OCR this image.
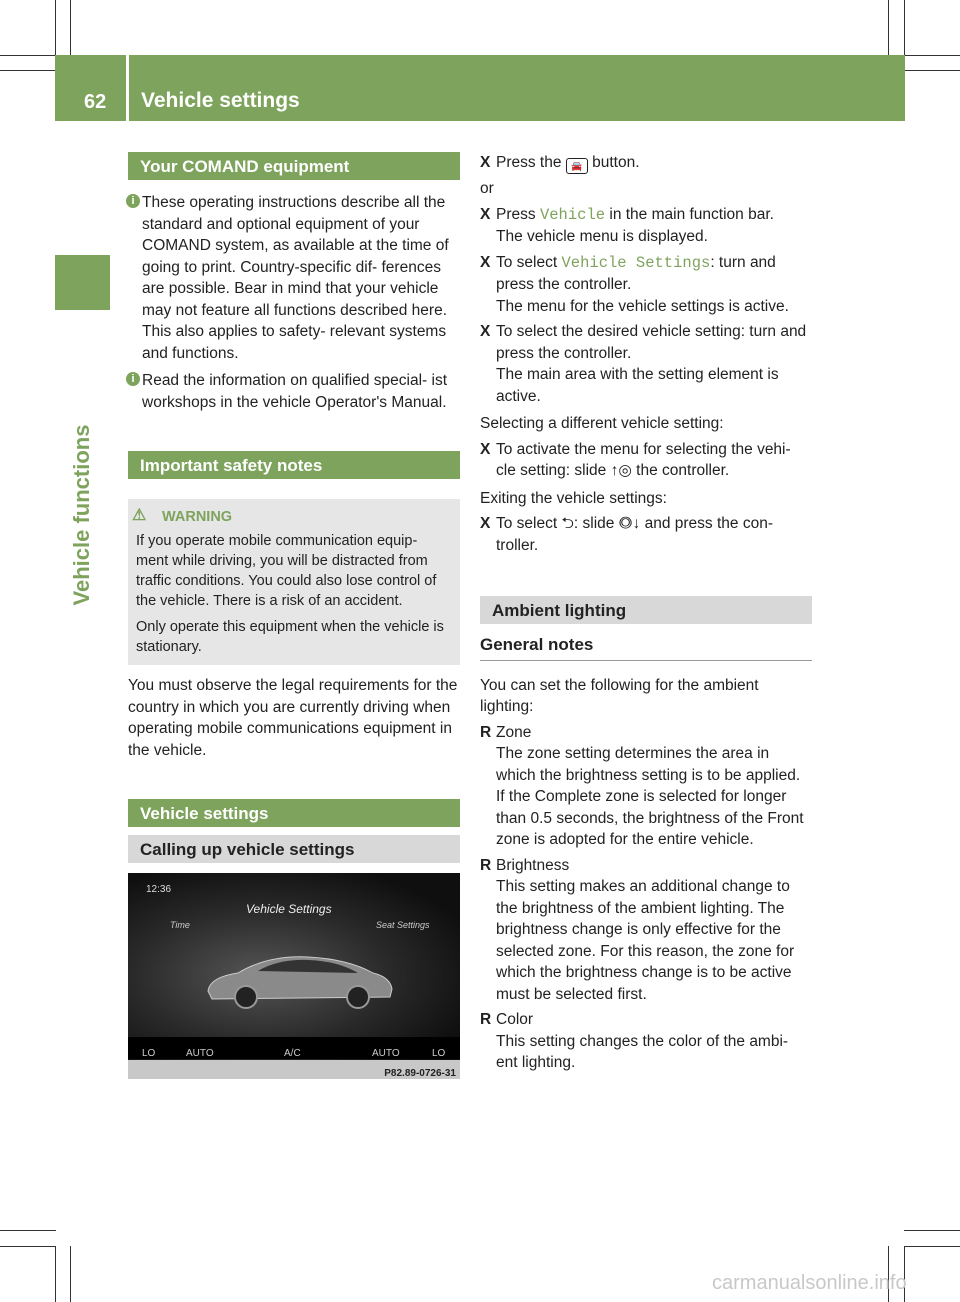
62 Vehicle settings
Vehicle functions
Your COMAND equipment

i These operating instructions describe all the standard and optional equipment of your COMAND system, as available at the time of going to print. Country-specific dif- ferences are possible. Bear in mind that your vehicle may not feature all functions described here. This also applies to safety- relevant systems and functions.

i Read the information on qualified special- ist workshops in the vehicle Operator's Manual.

Important safety notes
⚠ WARNING

If you operate mobile communication equip- ment while driving, you will be distracted from traffic conditions. You could also lose control of the vehicle. There is a risk of an accident.

Only operate this equipment when the vehicle is stationary.

You must observe the legal requirements for the country in which you are currently driving when operating mobile communications equipment in the vehicle.

Vehicle settings
Calling up vehicle settings
12:36
Vehicle Settings
Time	Seat Settings
LO	AUTO	A/C	AUTO	LO
P82.89-0726-31

X Press the 🚘 button.

or

X Press Vehicle in the main function bar.
The vehicle menu is displayed.

X To select Vehicle Settings: turn and press the controller.
The menu for the vehicle settings is active.

X To select the desired vehicle setting: turn and press the controller.
The main area with the setting element is active.

Selecting a different vehicle setting:

X To activate the menu for selecting the vehi- cle setting: slide ↑◎ the controller.

Exiting the vehicle settings:

X To select ⮌: slide ◎↓ and press the con- troller.

Ambient lighting
General notes

You can set the following for the ambient lighting:

R Zone
The zone setting determines the area in which the brightness setting is to be applied. If the Complete zone is selected for longer than 0.5 seconds, the brightness of the Front zone is adopted for the entire vehicle.

R Brightness
This setting makes an additional change to the brightness of the ambient lighting. The brightness change is only effective for the selected zone. For this reason, the zone for which the brightness change is to be active must be selected first.

R Color
This setting changes the color of the ambi- ent lighting.

carmanualsonline.info
